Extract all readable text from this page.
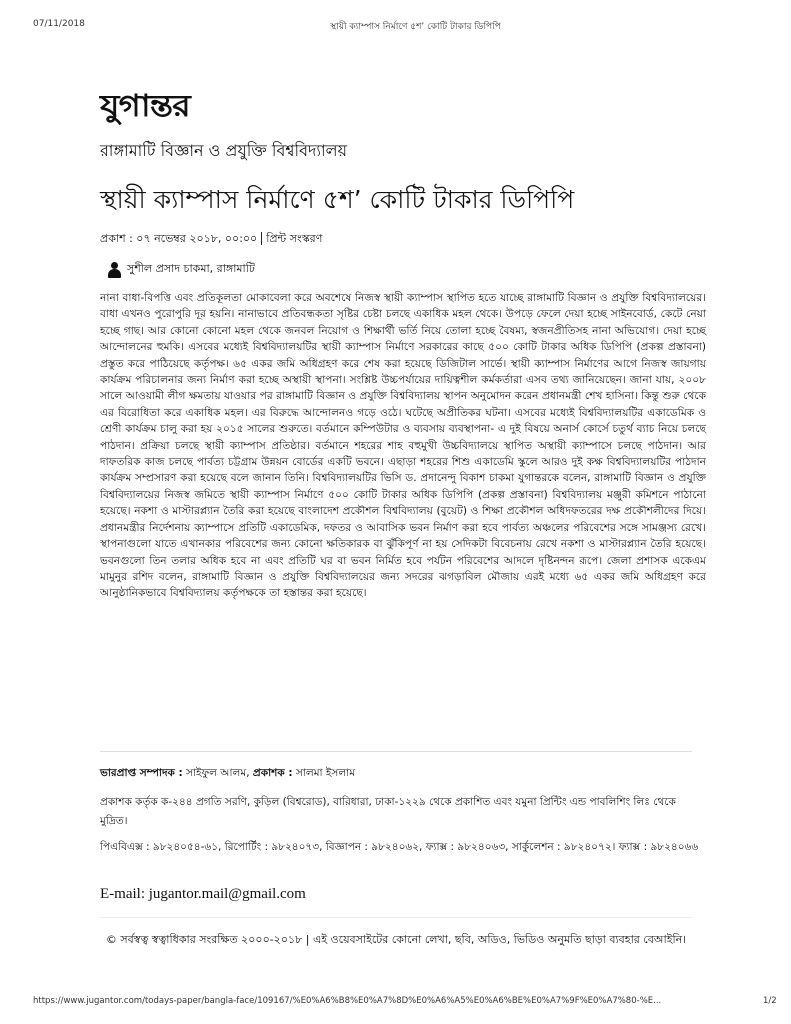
07/11/2018	স্থায়ী ক্যাম্পাস নির্মাণে ৫শ’ কোটি টাকার ডিপিপি
যুগান্তর
রাঙ্গামাটি বিজ্ঞান ও প্রযুক্তি বিশ্ববিদ্যালয়
স্থায়ী ক্যাম্পাস নির্মাণে ৫শ’ কোটি টাকার ডিপিপি
প্রকাশ : ০৭ নভেম্বর ২০১৮, ০০:০০ প্রিন্ট সংস্করণ
সুশীল প্রসাদ চাকমা, রাঙ্গামাটি
নানা বাধা-বিপত্তি এবং প্রতিকূলতা মোকাবেলা করে অবশেষে নিজস্ব স্থায়ী ক্যাম্পাস স্থাপিত হতে যাচ্ছে রাঙ্গামাটি বিজ্ঞান ও প্রযুক্তি বিশ্ববিদ্যালয়ের। বাধা এখনও পুরোপুরি দূর হয়নি। নানাভাবে প্রতিবন্ধকতা সৃষ্টির চেষ্টা চলছে একাধিক মহল থেকে। উপড়ে ফেলে দেয়া হচ্ছে সাইনবোর্ড, কেটে নেয়া হচ্ছে গাছ। আর কোনো কোনো মহল থেকে জনবল নিয়োগ ও শিক্ষার্থী ভর্তি নিয়ে তোলা হচ্ছে বৈষম্য, স্বজনপ্রীতিসহ নানা অভিযোগ। দেয়া হচ্ছে আন্দোলনের হুমকি। এসবের মধ্যেই বিশ্ববিদ্যালয়টির স্থায়ী ক্যাম্পাস নির্মাণে সরকারের কাছে ৫০০ কোটি টাকার অধিক ডিপিপি (প্রকল্প প্রস্তাবনা) প্রস্তুত করে পাঠিয়েছে কর্তৃপক্ষ। ৬৫ একর জমি অধিগ্রহণ করে শেষ করা হয়েছে ডিজিটাল সার্ভে। স্থায়ী ক্যাম্পাস নির্মাণের আগে নিজস্ব জায়গায় কার্যক্রম পরিচালনার জন্য নির্মাণ করা হচ্ছে অস্থায়ী স্থাপনা। সংশ্লিষ্ট উচ্চপর্যায়ের দায়িত্বশীল কর্মকর্তারা এসব তথ্য জানিয়েছেন। জানা যায়, ২০০৮ সালে আওয়ামী লীগ ক্ষমতায় যাওয়ার পর রাঙ্গামাটি বিজ্ঞান ও প্রযুক্তি বিশ্ববিদ্যালয় স্থাপন অনুমোদন করেন প্রধানমন্ত্রী শেখ হাসিনা। কিন্তু শুরু থেকে এর বিরোধিতা করে একাধিক মহল। এর বিরুদ্ধে আন্দোলনও গড়ে ওঠে। ঘটেছে অপ্রীতিকর ঘটনা। এসবের মধ্যেই বিশ্ববিদ্যালয়টির একাডেমিক ও শ্রেণী কার্যক্রম চালু করা হয় ২০১৫ সালের শুরুতে। বর্তমানে কম্পিউটার ও ব্যবসায় ব্যবস্থাপনা- এ দুই বিষয়ে অনার্স কোর্সে চতুর্থ ব্যাচ নিয়ে চলছে পাঠদান। প্রক্রিয়া চলছে স্থায়ী ক্যাম্পাস প্রতিষ্ঠার। বর্তমানে শহরের শাহ বহুমুখী উচ্চবিদ্যালয়ে স্থাপিত অস্থায়ী ক্যাম্পাসে চলছে পাঠদান। আর দাফতরিক কাজ চলছে পার্বত্য চট্টগ্রাম উন্নয়ন বোর্ডের একটি ভবনে। এছাড়া শহরের শিশু একাডেমি স্কুলে আরও দুই কক্ষ বিশ্ববিদ্যালয়টির পাঠদান কার্যক্রম সম্প্রসারণ করা হয়েছে বলে জানান তিনি। বিশ্ববিদ্যালয়টির ভিসি ড. প্রদানেন্দু বিকাশ চাকমা যুগান্তরকে বলেন, রাঙ্গামাটি বিজ্ঞান ও প্রযুক্তি বিশ্ববিদ্যালয়ের নিজস্ব জমিতে স্থায়ী ক্যাম্পাস নির্মাণে ৫০০ কোটি টাকার অধিক ডিপিপি (প্রকল্প প্রস্তাবনা) বিশ্ববিদ্যালয় মঞ্জুরী কমিশনে পাঠানো হয়েছে। নকশা ও মাস্টারপ্ল্যান তৈরি করা হয়েছে বাংলাদেশ প্রকৌশল বিশ্ববিদ্যালয় (বুয়েট) ও শিক্ষা প্রকৌশল অধিদফতরের দক্ষ প্রকৌশলীদের দিয়ে। প্রধানমন্ত্রীর নির্দেশনায় ক্যাম্পাসে প্রতিটি একাডেমিক, দফতর ও আবাসিক ভবন নির্মাণ করা হবে পার্বত্য অঞ্চলের পরিবেশের সঙ্গে সামঞ্জস্য রেখে। স্থাপনাগুলো যাতে এখানকার পরিবেশের জন্য কোনো ক্ষতিকারক বা ঝুঁকিপূর্ণ না হয় সেদিকটা বিবেচনায় রেখে নকশা ও মাস্টারপ্ল্যান তৈরি হয়েছে। ভবনগুলো তিন তলার অধিক হবে না এবং প্রতিটি ঘর বা ভবন নির্মিত হবে পর্যটন পরিবেশের আদলে দৃষ্টিনন্দন রূপে। জেলা প্রশাসক একেএম মামুনুর রশিদ বলেন, রাঙ্গামাটি বিজ্ঞান ও প্রযুক্তি বিশ্ববিদ্যালয়ের জন্য সদরের ঝগড়াবিল মৌজায় এরই মধ্যে ৬৫ একর জমি অধিগ্রহণ করে আনুষ্ঠানিকভাবে বিশ্ববিদ্যালয় কর্তৃপক্ষকে তা হস্তান্তর করা হয়েছে।
ভারপ্রাপ্ত সম্পাদক : সাইফুল আলম, প্রকাশক : সালমা ইসলাম
প্রকাশক কর্তৃক ক-২৪৪ প্রগতি সরণি, কুড়িল (বিশ্বরোড), বারিধারা, ঢাকা-১২২৯ থেকে প্রকাশিত এবং যমুনা প্রিন্টিং এন্ড পাবলিশিং লিঃ থেকে মুদ্রিত।
পিএবিএক্স : ৯৮২৪০৫৪-৬১, রিপোর্টিং : ৯৮২৪০৭৩, বিজ্ঞাপন : ৯৮২৪০৬২, ফ্যাক্স : ৯৮২৪০৬৩, সার্কুলেশন : ৯৮২৪০৭২। ফ্যাক্স : ৯৮২৪০৬৬
E-mail: jugantor.mail@gmail.com
© সর্বস্বত্ব স্বত্বাধিকার সংরক্ষিত ২০০০-২০১৮ | এই ওয়েবসাইটের কোনো লেখা, ছবি, অডিও, ভিডিও অনুমতি ছাড়া ব্যবহার বেআইনি।
https://www.jugantor.com/todays-paper/bangla-face/109167/%E0%A6%B8%E0%A7%8D%E0%A6%A5%E0%A6%BE%E0%A7%9F%E0%A7%80-%E...	1/2
